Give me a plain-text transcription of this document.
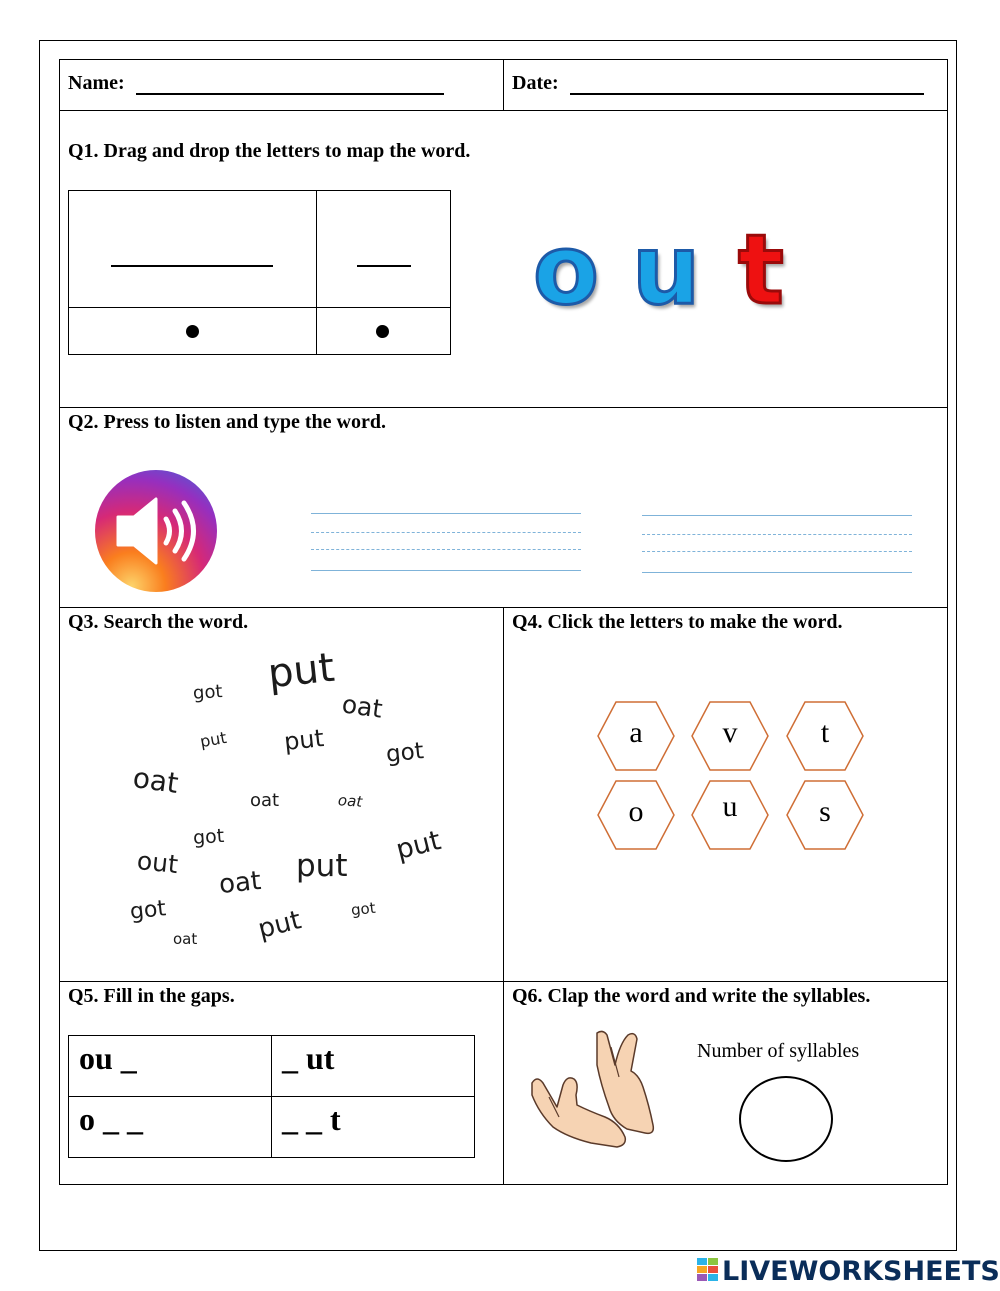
Name:	Date:
Q1. Drag and drop the letters to map the word.
o u t
Q2. Press to listen and type the word.
Q3. Search the word.
put
got	oat
put put
oat
got
oat	oat
got	put
out
oat put
got	put
oat
got
Q4. Click the letters to make the word.
a	v	t
o	u	s
Q5. Fill in the gaps.
ou _	_ ut
o _ _	_ _ t
Q6. Clap the word and write the syllables.
Number of syllables
LIVEWORKSHEETS
